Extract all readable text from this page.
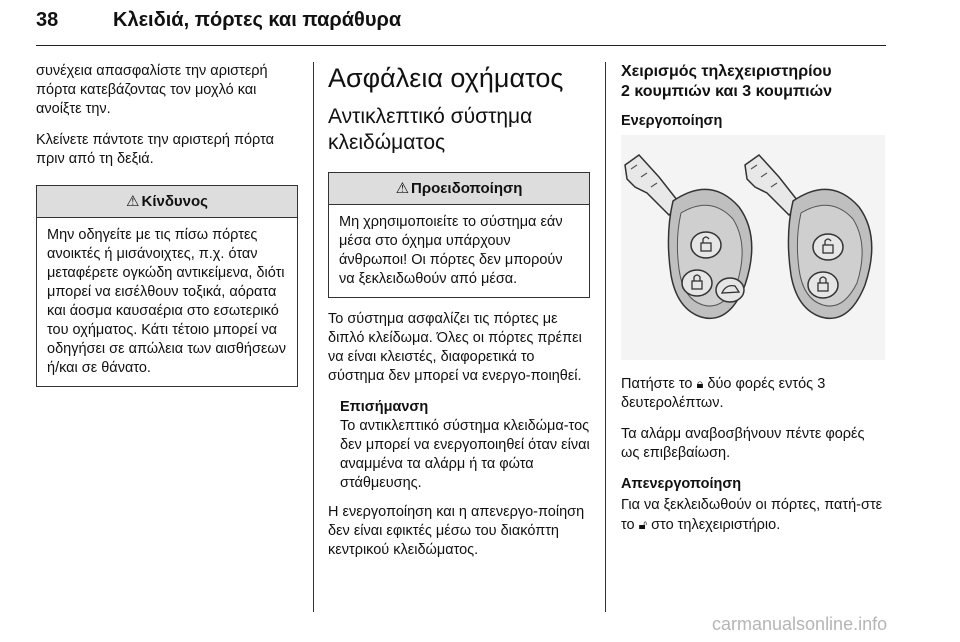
38	Κλειδιά, πόρτες και παράθυρα

συνέχεια απασφαλίστε την αριστερή πόρτα κατεβάζοντας τον μοχλό και ανοίξτε την.

Κλείνετε πάντοτε την αριστερή πόρτα πριν από τη δεξιά.

⚠ Κίνδυνος
Μην οδηγείτε με τις πίσω πόρτες ανοικτές ή μισάνοιχτες, π.χ. όταν μεταφέρετε ογκώδη αντικείμενα, διότι μπορεί να εισέλθουν τοξικά, αόρατα και άοσμα καυσαέρια στο εσωτερικό του οχήματος. Κάτι τέτοιο μπορεί να οδηγήσει σε απώλεια των αισθήσεων ή/και σε θάνατο.
Ασφάλεια οχήματος
Αντικλεπτικό σύστημα κλειδώματος
⚠ Προειδοποίηση
Μη χρησιμοποιείτε το σύστημα εάν μέσα στο όχημα υπάρχουν άνθρωποι! Οι πόρτες δεν μπορούν να ξεκλειδωθούν από μέσα.

Το σύστημα ασφαλίζει τις πόρτες με διπλό κλείδωμα. Όλες οι πόρτες πρέπει να είναι κλειστές, διαφορετικά το σύστημα δεν μπορεί να ενεργο-ποιηθεί.

Επισήμανση

Το αντικλεπτικό σύστημα κλειδώμα-τος δεν μπορεί να ενεργοποιηθεί όταν είναι αναμμένα τα αλάρμ ή τα φώτα στάθμευσης.

Η ενεργοποίηση και η απενεργο-ποίηση δεν είναι εφικτές μέσω του διακόπτη κεντρικού κλειδώματος.

Χειρισμός τηλεχειριστηρίου
2 κουμπιών και 3 κουμπιών
Ενεργοποίηση

Πατήστε το 🔒︎ δύο φορές εντός 3 δευτερολέπτων.

Τα αλάρμ αναβοσβήνουν πέντε φορές ως επιβεβαίωση.

Απενεργοποίηση

Για να ξεκλειδωθούν οι πόρτες, πατή-στε το 🔓︎ στο τηλεχειριστήριο.

carmanualsonline.info
